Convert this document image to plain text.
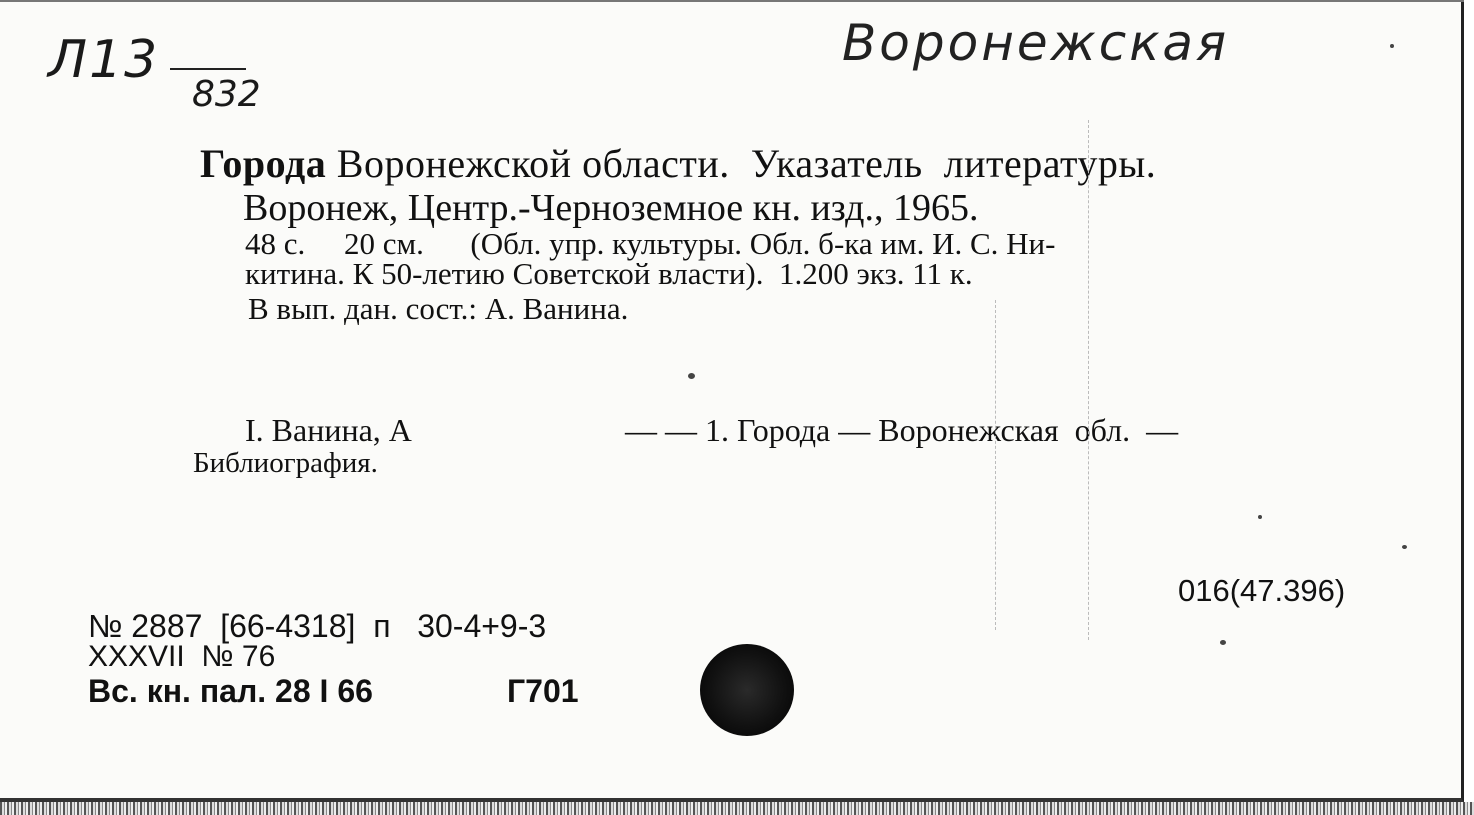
Л13
832
Воронежская
Города Воронежской области.  Указатель  литературы.
Воронеж, Центр.-Черноземное кн. изд., 1965.
48 с.     20 см.      (Обл. упр. культуры. Обл. б-ка им. И. С. Ни-
китина. К 50-летию Советской власти).  1.200 экз. 11 к.
В вып. дан. сост.: А. Ванина.
I. Ванина, А	— — 1. Города — Воронежская  обл.  —
Библиография.
016(47.396)
№ 2887  [66-4318]  п   30-4+9-3
XXXVII  № 76
Вс. кн. пал. 28 I 66	Г701
